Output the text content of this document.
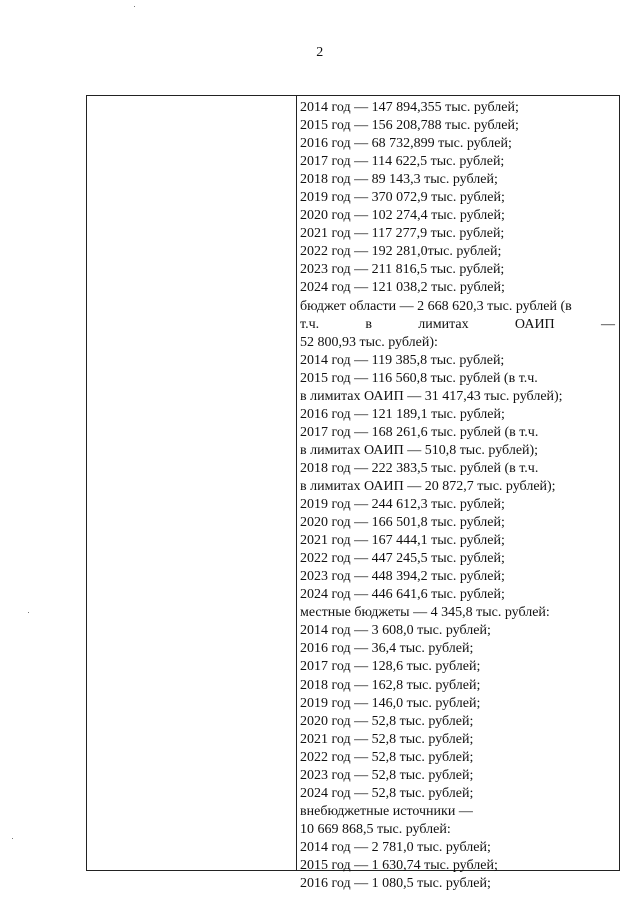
2
2014 год — 147 894,355 тыс. рублей;
2015 год — 156 208,788 тыс. рублей;
2016 год — 68 732,899 тыс. рублей;
2017 год — 114 622,5 тыс. рублей;
2018 год — 89 143,3 тыс. рублей;
2019 год — 370 072,9 тыс. рублей;
2020 год — 102 274,4 тыс. рублей;
2021 год — 117 277,9 тыс. рублей;
2022 год — 192 281,0тыс. рублей;
2023 год — 211 816,5 тыс. рублей;
2024 год — 121 038,2 тыс. рублей;
бюджет области — 2 668 620,3 тыс. рублей (в
т.ч.	в	лимитах	ОАИП	—
52 800,93 тыс. рублей):
2014 год — 119 385,8 тыс. рублей;
2015 год — 116 560,8 тыс. рублей (в т.ч.
в лимитах ОАИП — 31 417,43 тыс. рублей);
2016 год — 121 189,1 тыс. рублей;
2017 год — 168 261,6 тыс. рублей (в т.ч.
в лимитах ОАИП — 510,8 тыс. рублей);
2018 год — 222 383,5 тыс. рублей (в т.ч.
в лимитах ОАИП — 20 872,7 тыс. рублей);
2019 год — 244 612,3 тыс. рублей;
2020 год — 166 501,8 тыс. рублей;
2021 год — 167 444,1 тыс. рублей;
2022 год — 447 245,5 тыс. рублей;
2023 год — 448 394,2 тыс. рублей;
2024 год — 446 641,6 тыс. рублей;
местные бюджеты — 4 345,8 тыс. рублей:
2014 год — 3 608,0 тыс. рублей;
2016 год — 36,4 тыс. рублей;
2017 год — 128,6 тыс. рублей;
2018 год — 162,8 тыс. рублей;
2019 год — 146,0 тыс. рублей;
2020 год — 52,8 тыс. рублей;
2021 год — 52,8 тыс. рублей;
2022 год — 52,8 тыс. рублей;
2023 год — 52,8 тыс. рублей;
2024 год — 52,8 тыс. рублей;
внебюджетные источники —
10 669 868,5 тыс. рублей:
2014 год — 2 781,0 тыс. рублей;
2015 год — 1 630,74 тыс. рублей;
2016 год — 1 080,5 тыс. рублей;
